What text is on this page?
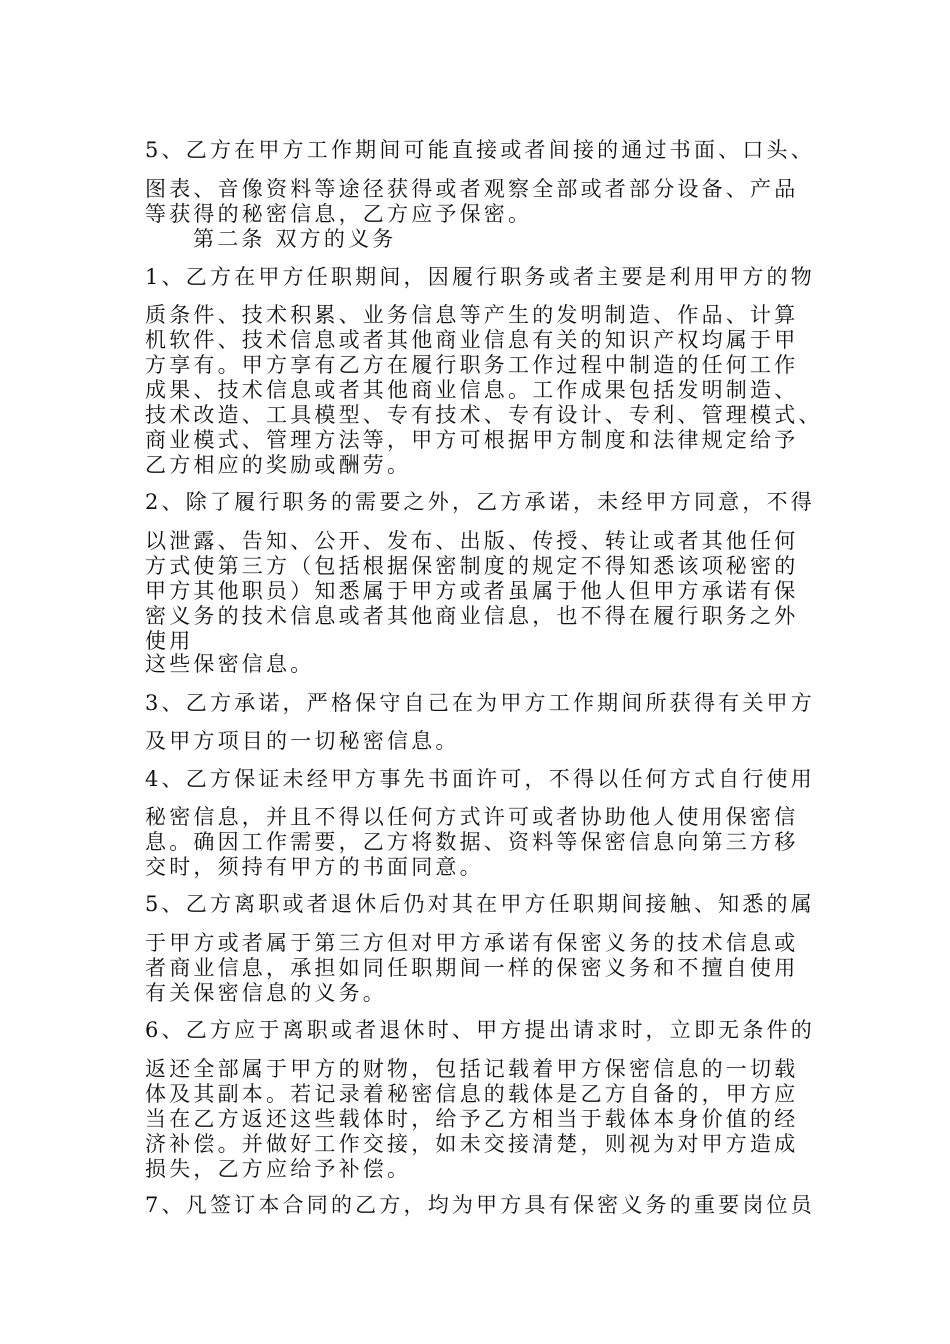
5、乙方在甲方工作期间可能直接或者间接的通过书面、口头、
图表、音像资料等途径获得或者观察全部或者部分设备、产品
等获得的秘密信息，乙方应予保密。
第二条 双方的义务
1、乙方在甲方任职期间，因履行职务或者主要是利用甲方的物
质条件、技术积累、业务信息等产生的发明制造、作品、计算
机软件、技术信息或者其他商业信息有关的知识产权均属于甲
方享有。甲方享有乙方在履行职务工作过程中制造的任何工作
成果、技术信息或者其他商业信息。工作成果包括发明制造、
技术改造、工具模型、专有技术、专有设计、专利、管理模式、
商业模式、管理方法等，甲方可根据甲方制度和法律规定给予
乙方相应的奖励或酬劳。
2、除了履行职务的需要之外，乙方承诺，未经甲方同意，不得
以泄露、告知、公开、发布、出版、传授、转让或者其他任何
方式使第三方（包括根据保密制度的规定不得知悉该项秘密的
甲方其他职员）知悉属于甲方或者虽属于他人但甲方承诺有保
密义务的技术信息或者其他商业信息，也不得在履行职务之外
使用
这些保密信息。
3、乙方承诺，严格保守自己在为甲方工作期间所获得有关甲方
及甲方项目的一切秘密信息。
4、乙方保证未经甲方事先书面许可，不得以任何方式自行使用
秘密信息，并且不得以任何方式许可或者协助他人使用保密信
息。确因工作需要，乙方将数据、资料等保密信息向第三方移
交时，须持有甲方的书面同意。
5、乙方离职或者退休后仍对其在甲方任职期间接触、知悉的属
于甲方或者属于第三方但对甲方承诺有保密义务的技术信息或
者商业信息，承担如同任职期间一样的保密义务和不擅自使用
有关保密信息的义务。
6、乙方应于离职或者退休时、甲方提出请求时，立即无条件的
返还全部属于甲方的财物，包括记载着甲方保密信息的一切载
体及其副本。若记录着秘密信息的载体是乙方自备的，甲方应
当在乙方返还这些载体时，给予乙方相当于载体本身价值的经
济补偿。并做好工作交接，如未交接清楚，则视为对甲方造成
损失，乙方应给予补偿。
7、凡签订本合同的乙方，均为甲方具有保密义务的重要岗位员
